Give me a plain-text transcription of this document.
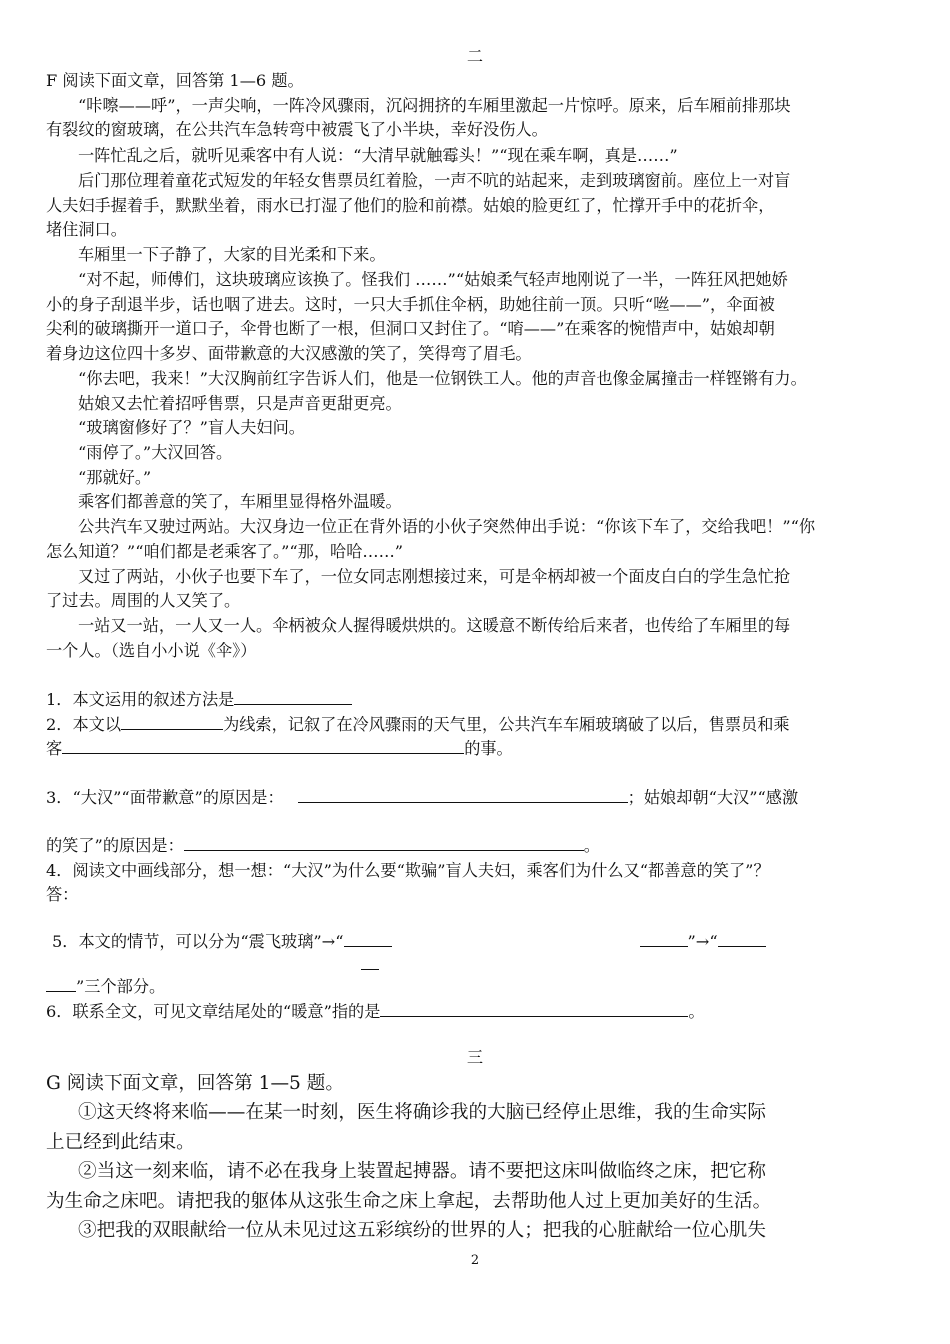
二
F 阅读下面文章，回答第 1—6 题。
“咔嚓——呼”，一声尖响，一阵冷风骤雨，沉闷拥挤的车厢里激起一片惊呼。原来，后车厢前排那块
有裂纹的窗玻璃，在公共汽车急转弯中被震飞了小半块，幸好没伤人。
一阵忙乱之后，就听见乘客中有人说：“大清早就触霉头！”“现在乘车啊，真是……”
后门那位理着童花式短发的年轻女售票员红着脸，一声不吭的站起来，走到玻璃窗前。座位上一对盲
人夫妇手握着手，默默坐着，雨水已打湿了他们的脸和前襟。姑娘的脸更红了，忙撑开手中的花折伞，
堵住洞口。
车厢里一下子静了，大家的目光柔和下来。
“对不起，师傅们，这块玻璃应该换了。怪我们 ……”“姑娘柔气轻声地刚说了一半，一阵狂风把她娇
小的身子刮退半步，话也咽了进去。这时，一只大手抓住伞柄，助她往前一顶。只听“咝——”，伞面被
尖利的破璃撕开一道口子，伞骨也断了一根，但洞口又封住了。“唷——”在乘客的惋惜声中，姑娘却朝
着身边这位四十多岁、面带歉意的大汉感激的笑了，笑得弯了眉毛。
“你去吧，我来！”大汉胸前红字告诉人们，他是一位钢铁工人。他的声音也像金属撞击一样铿锵有力。
姑娘又去忙着招呼售票，只是声音更甜更亮。
“玻璃窗修好了？”盲人夫妇问。
“雨停了。”大汉回答。
“那就好。”
乘客们都善意的笑了，车厢里显得格外温暖。
公共汽车又驶过两站。大汉身边一位正在背外语的小伙子突然伸出手说：“你该下车了，交给我吧！”“你
怎么知道？”“咱们都是老乘客了。”“那，哈哈……”
又过了两站，小伙子也要下车了，一位女同志刚想接过来，可是伞柄却被一个面皮白白的学生急忙抢
了过去。周围的人又笑了。
一站又一站，一人又一人。伞柄被众人握得暖烘烘的。这暖意不断传给后来者，也传给了车厢里的每
一个人。（选自小小说《伞》）
1．本文运用的叙述方法是
2．本文以	为线索，记叙了在冷风骤雨的天气里，公共汽车车厢玻璃破了以后，售票员和乘
客	的事。
3．“大汉”“面带歉意”的原因是：	；姑娘却朝“大汉”“感激
的笑了”的原因是：	。
4．阅读文中画线部分，想一想：“大汉”为什么要“欺骗”盲人夫妇，乘客们为什么又“都善意的笑了”？
答：
5．本文的情节，可以分为“震飞玻璃”→“	”→“
”三个部分。
6．联系全文，可见文章结尾处的“暖意”指的是	。
三
G 阅读下面文章，回答第 1—5 题。
①这天终将来临——在某一时刻，医生将确诊我的大脑已经停止思维，我的生命实际
上已经到此结束。
②当这一刻来临，请不必在我身上装置起搏器。请不要把这床叫做临终之床，把它称
为生命之床吧。请把我的躯体从这张生命之床上拿起，去帮助他人过上更加美好的生活。
③把我的双眼献给一位从未见过这五彩缤纷的世界的人；把我的心脏献给一位心肌失
2
